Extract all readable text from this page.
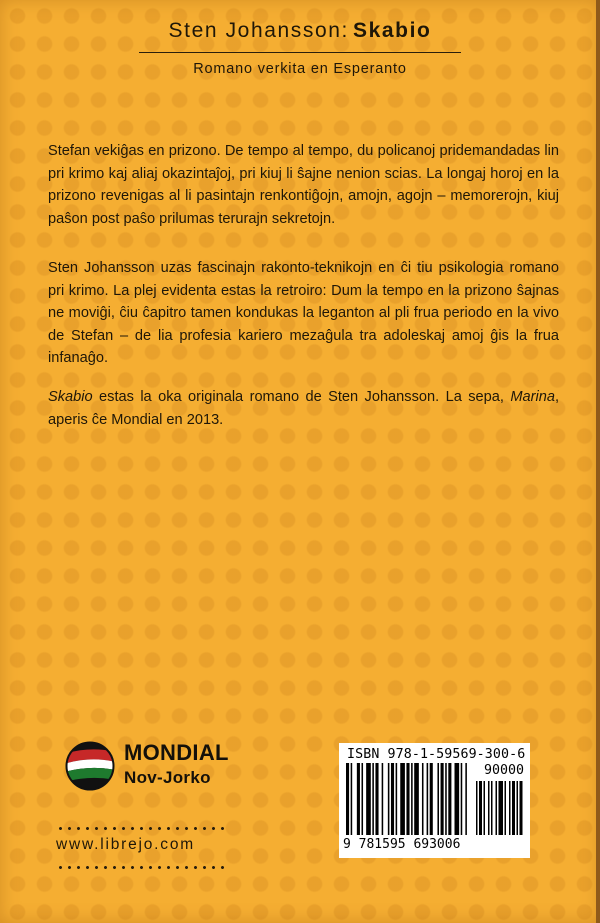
Sten Johansson: Skabio
Romano verkita en Esperanto

Stefan vekiĝas en prizono. De tempo al tempo, du policanoj pridemandadas lin pri krimo kaj aliaj okazintaĵoj, pri kiuj li ŝajne nenion scias. La longaj horoj en la prizono revenigas al li pasintajn renkontiĝojn, amojn, agojn – memorerojn, kiuj paŝon post paŝo prilumas terurajn sekretojn.

Sten Johansson uzas fascinajn rakonto-teknikojn en ĉi tiu psikologia romano pri krimo. La plej evidenta estas la retroiro: Dum la tempo en la prizono ŝajnas ne moviĝi, ĉiu ĉapitro tamen kondukas la leganton al pli frua periodo en la vivo de Stefan – de lia profesia kariero mezaĝula tra adoleskaj amoj ĝis la frua infanaĝo.

Skabio estas la oka originala romano de Sten Johansson. La sepa, Marina, aperis ĉe Mondial en 2013.

MONDIAL
Nov-Jorko
www.librejo.com
ISBN 978-1-59569-300-6
90000
9 781595 693006
